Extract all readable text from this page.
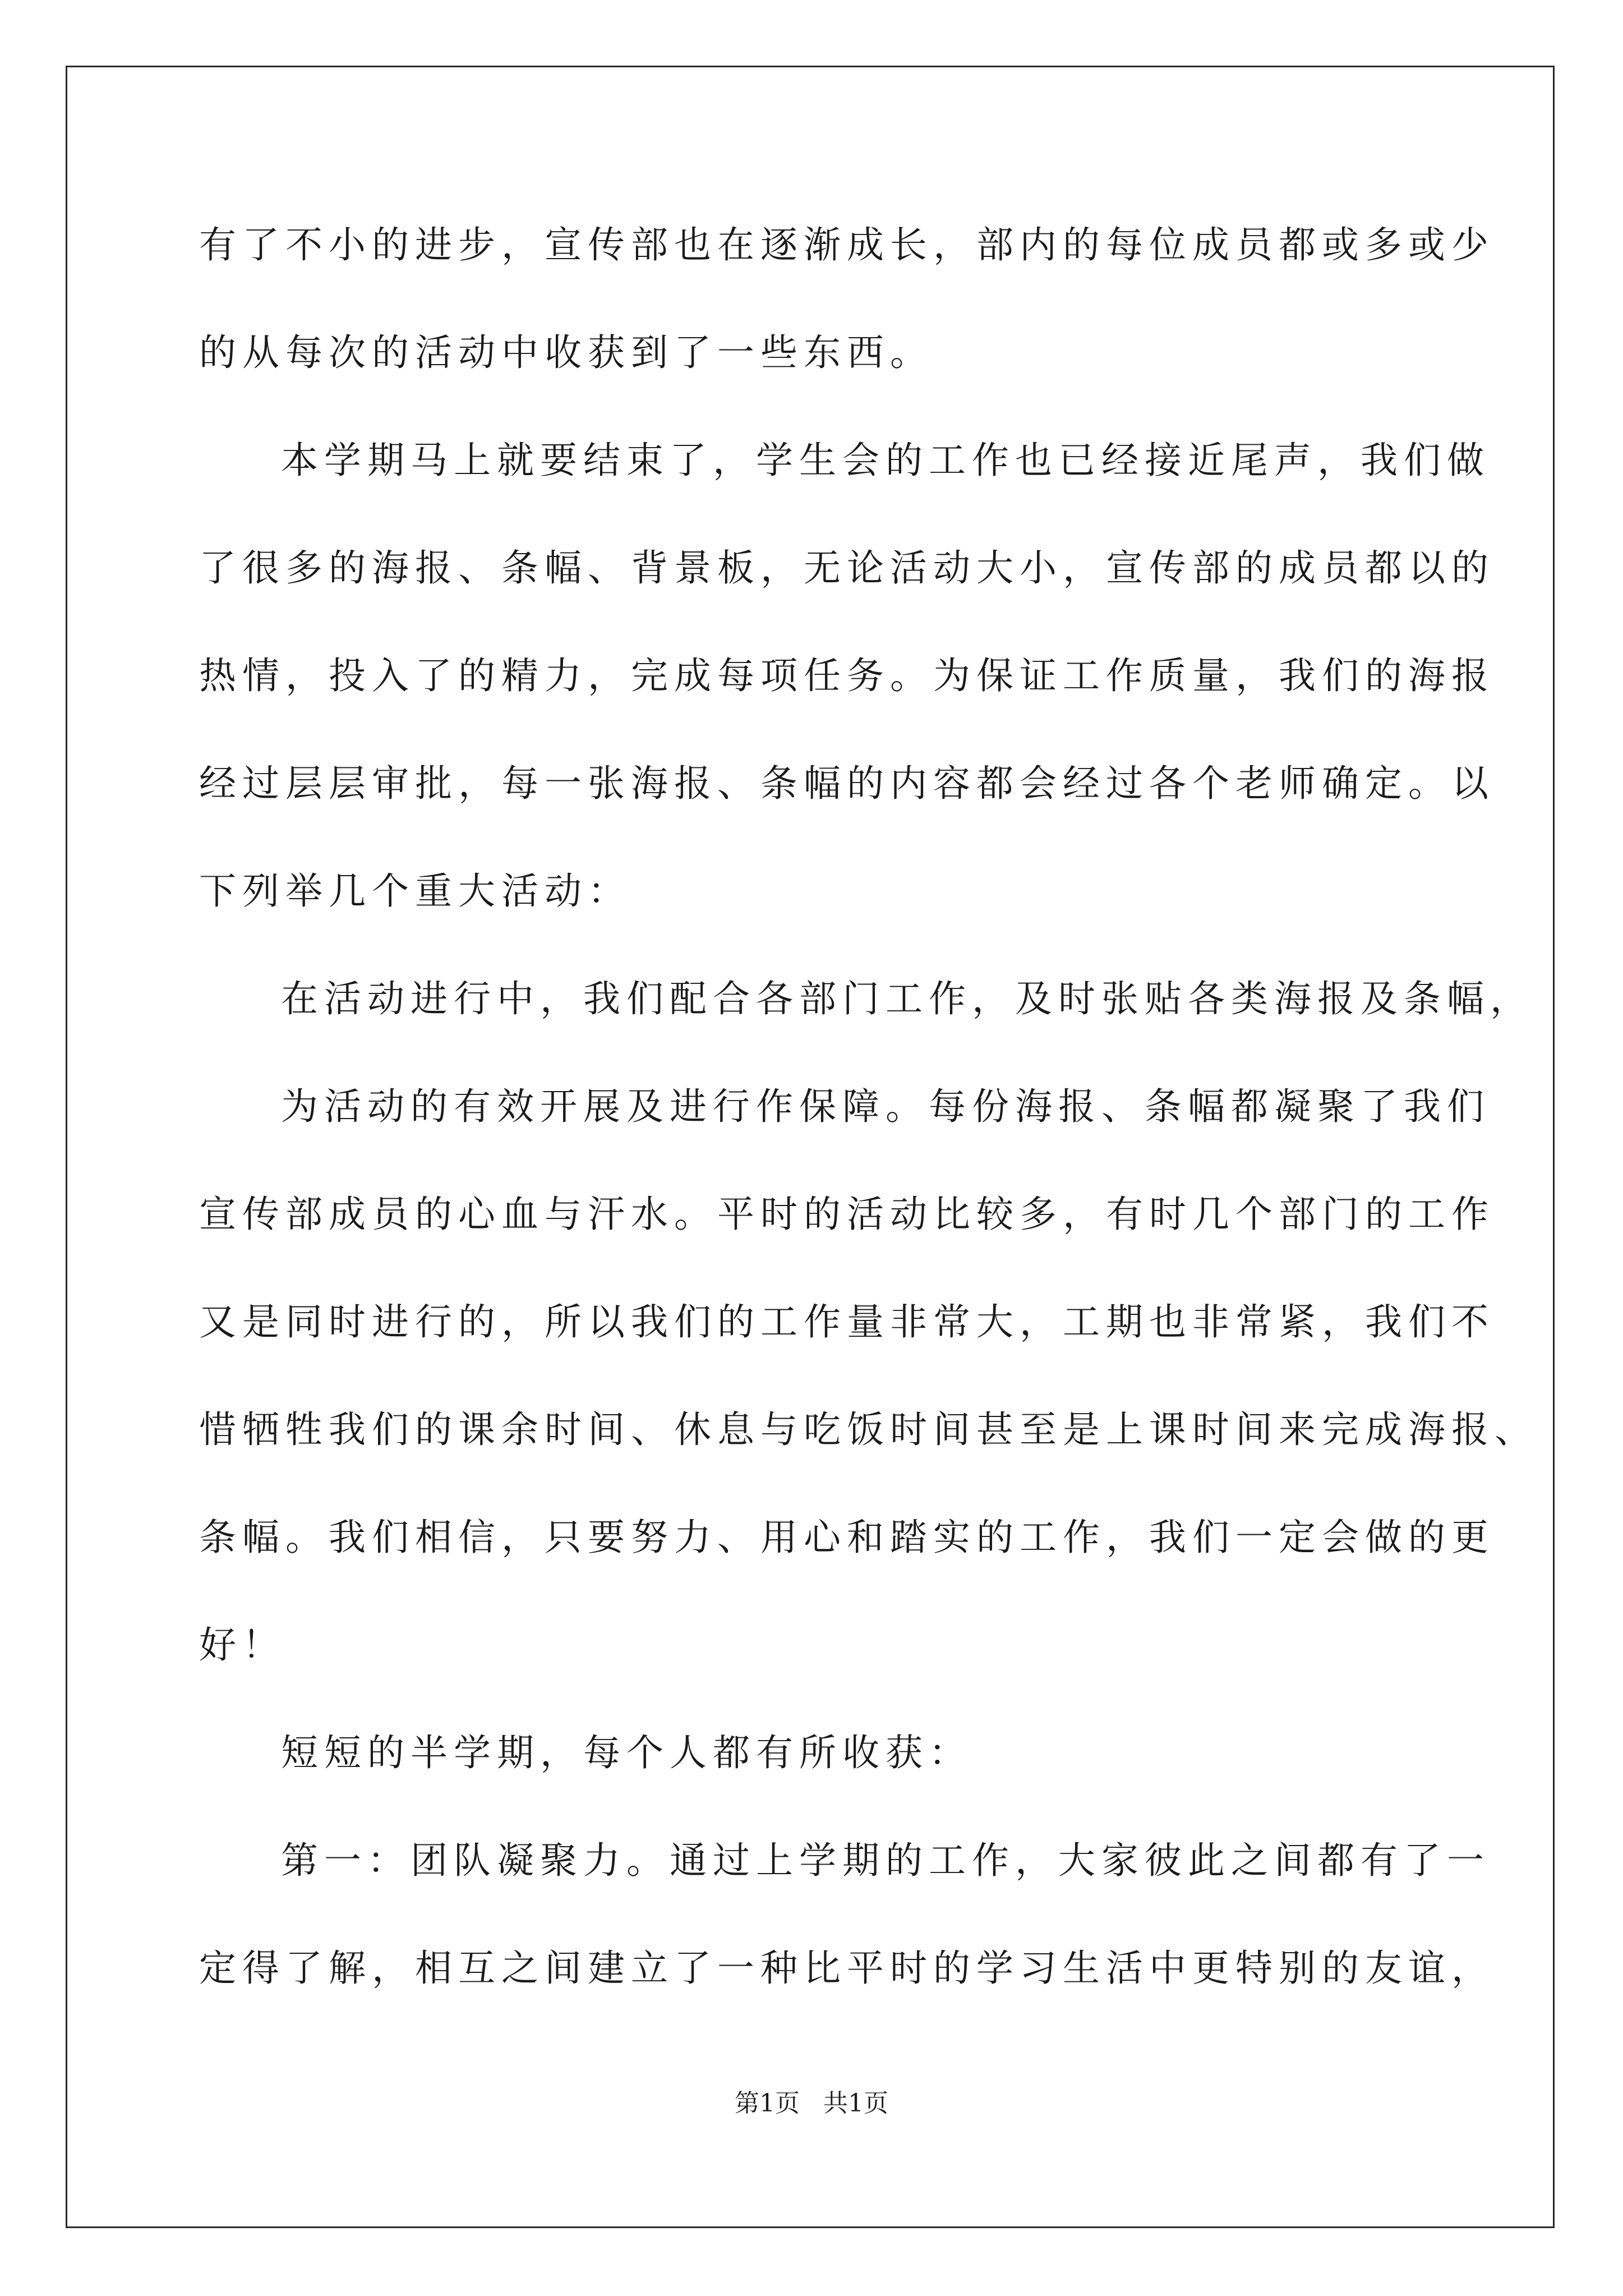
有了不小的进步，宣传部也在逐渐成长，部内的每位成员都或多或少
的从每次的活动中收获到了一些东西。
本学期马上就要结束了，学生会的工作也已经接近尾声，我们做
了很多的海报、条幅、背景板，无论活动大小，宣传部的成员都以的
热情，投入了的精力，完成每项任务。为保证工作质量，我们的海报
经过层层审批，每一张海报、条幅的内容都会经过各个老师确定。以
下列举几个重大活动：
在活动进行中，我们配合各部门工作，及时张贴各类海报及条幅，
为活动的有效开展及进行作保障。每份海报、条幅都凝聚了我们
宣传部成员的心血与汗水。平时的活动比较多，有时几个部门的工作
又是同时进行的，所以我们的工作量非常大，工期也非常紧，我们不
惜牺牲我们的课余时间、休息与吃饭时间甚至是上课时间来完成海报、
条幅。我们相信，只要努力、用心和踏实的工作，我们一定会做的更
好！
短短的半学期，每个人都有所收获：
第一：团队凝聚力。通过上学期的工作，大家彼此之间都有了一
定得了解，相互之间建立了一种比平时的学习生活中更特别的友谊，
第1页 共1页
